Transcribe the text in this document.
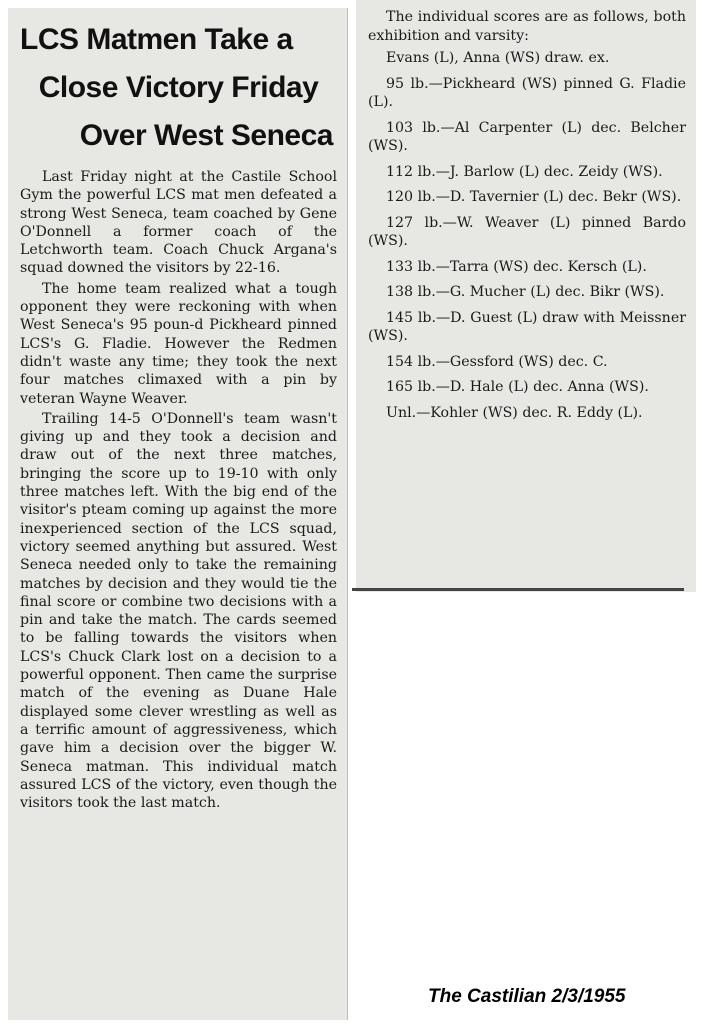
LCS Matmen Take a
Close Victory Friday
Over West Seneca

Last Friday night at the Castile School Gym the powerful LCS mat men defeated a strong West Seneca, team coached by Gene O'Donnell a former coach of the Letchworth team. Coach Chuck Argana's squad downed the visitors by 22-16.

The home team realized what a tough opponent they were reckoning with when West Seneca's 95 poun-d Pickheard pinned LCS's G. Fladie. However the Redmen didn't waste any time; they took the next four matches climaxed with a pin by veteran Wayne Weaver.

Trailing 14-5 O'Donnell's team wasn't giving up and they took a decision and draw out of the next three matches, bringing the score up to 19-10 with only three matches left. With the big end of the visitor's pteam coming up against the more inexperienced section of the LCS squad, victory seemed anything but assured. West Seneca needed only to take the remaining matches by decision and they would tie the final score or combine two decisions with a pin and take the match. The cards seemed to be falling towards the visitors when LCS's Chuck Clark lost on a decision to a powerful opponent. Then came the surprise match of the evening as Duane Hale displayed some clever wrestling as well as a terrific amount of aggressiveness, which gave him a decision over the bigger W. Seneca matman. This individual match assured LCS of the victory, even though the visitors took the last match.

The individual scores are as follows, both exhibition and varsity:

Evans (L), Anna (WS) draw. ex.

95 lb.—Pickheard (WS) pinned G. Fladie (L).

103 lb.—Al Carpenter (L) dec. Belcher (WS).

112 lb.—J. Barlow (L) dec. Zeidy (WS).

120 lb.—D. Tavernier (L) dec. Bekr (WS).

127 lb.—W. Weaver (L) pinned Bardo (WS).

133 lb.—Tarra (WS) dec. Kersch (L).

138 lb.—G. Mucher (L) dec. Bikr (WS).

145 lb.—D. Guest (L) draw with Meissner (WS).

154 lb.—Gessford (WS) dec. C.

165 lb.—D. Hale (L) dec. Anna (WS).

Unl.—Kohler (WS) dec. R. Eddy (L).

The Castilian 2/3/1955
